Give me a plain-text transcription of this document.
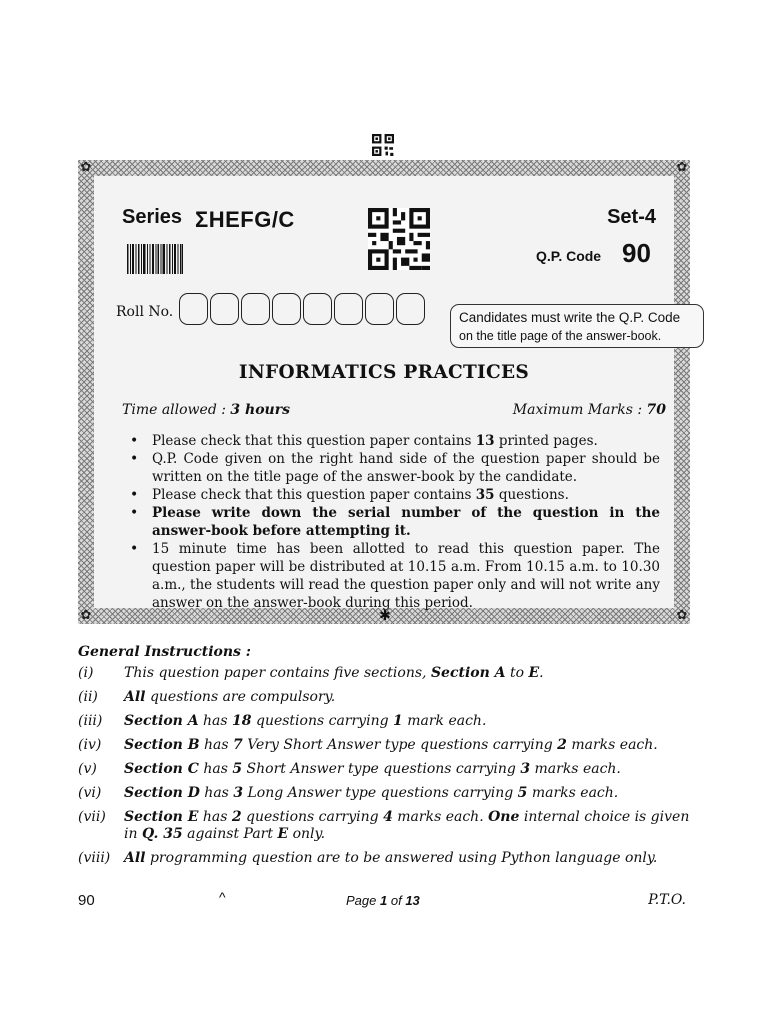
✿	✿
✿	✿
✱
Series ΣHEFG/C	Set-4
Q.P. Code 90
Roll No.	Candidates must write the Q.P. Code
on the title page of the answer-book.
INFORMATICS PRACTICES
Time allowed : 3 hours	Maximum Marks : 70
• Please check that this question paper contains 13 printed pages.
• Q.P. Code given on the right hand side of the question paper should be written on the title page of the answer-book by the candidate.
• Please check that this question paper contains 35 questions.
• Please write down the serial number of the question in the answer-book before attempting it.
• 15 minute time has been allotted to read this question paper. The question paper will be distributed at 10.15 a.m. From 10.15 a.m. to 10.30 a.m., the students will read the question paper only and will not write any answer on the answer-book during this period.
General Instructions :
(i)	This question paper contains five sections, Section A to E.
(ii)	All questions are compulsory.
(iii)	Section A has 18 questions carrying 1 mark each.
(iv)	Section B has 7 Very Short Answer type questions carrying 2 marks each.
(v)	Section C has 5 Short Answer type questions carrying 3 marks each.
(vi)	Section D has 3 Long Answer type questions carrying 5 marks each.
(vii)	Section E has 2 questions carrying 4 marks each. One internal choice is given in Q. 35 against Part E only.
(viii) All programming question are to be answered using Python language only.
90	^	Page 1 of 13	P.T.O.
